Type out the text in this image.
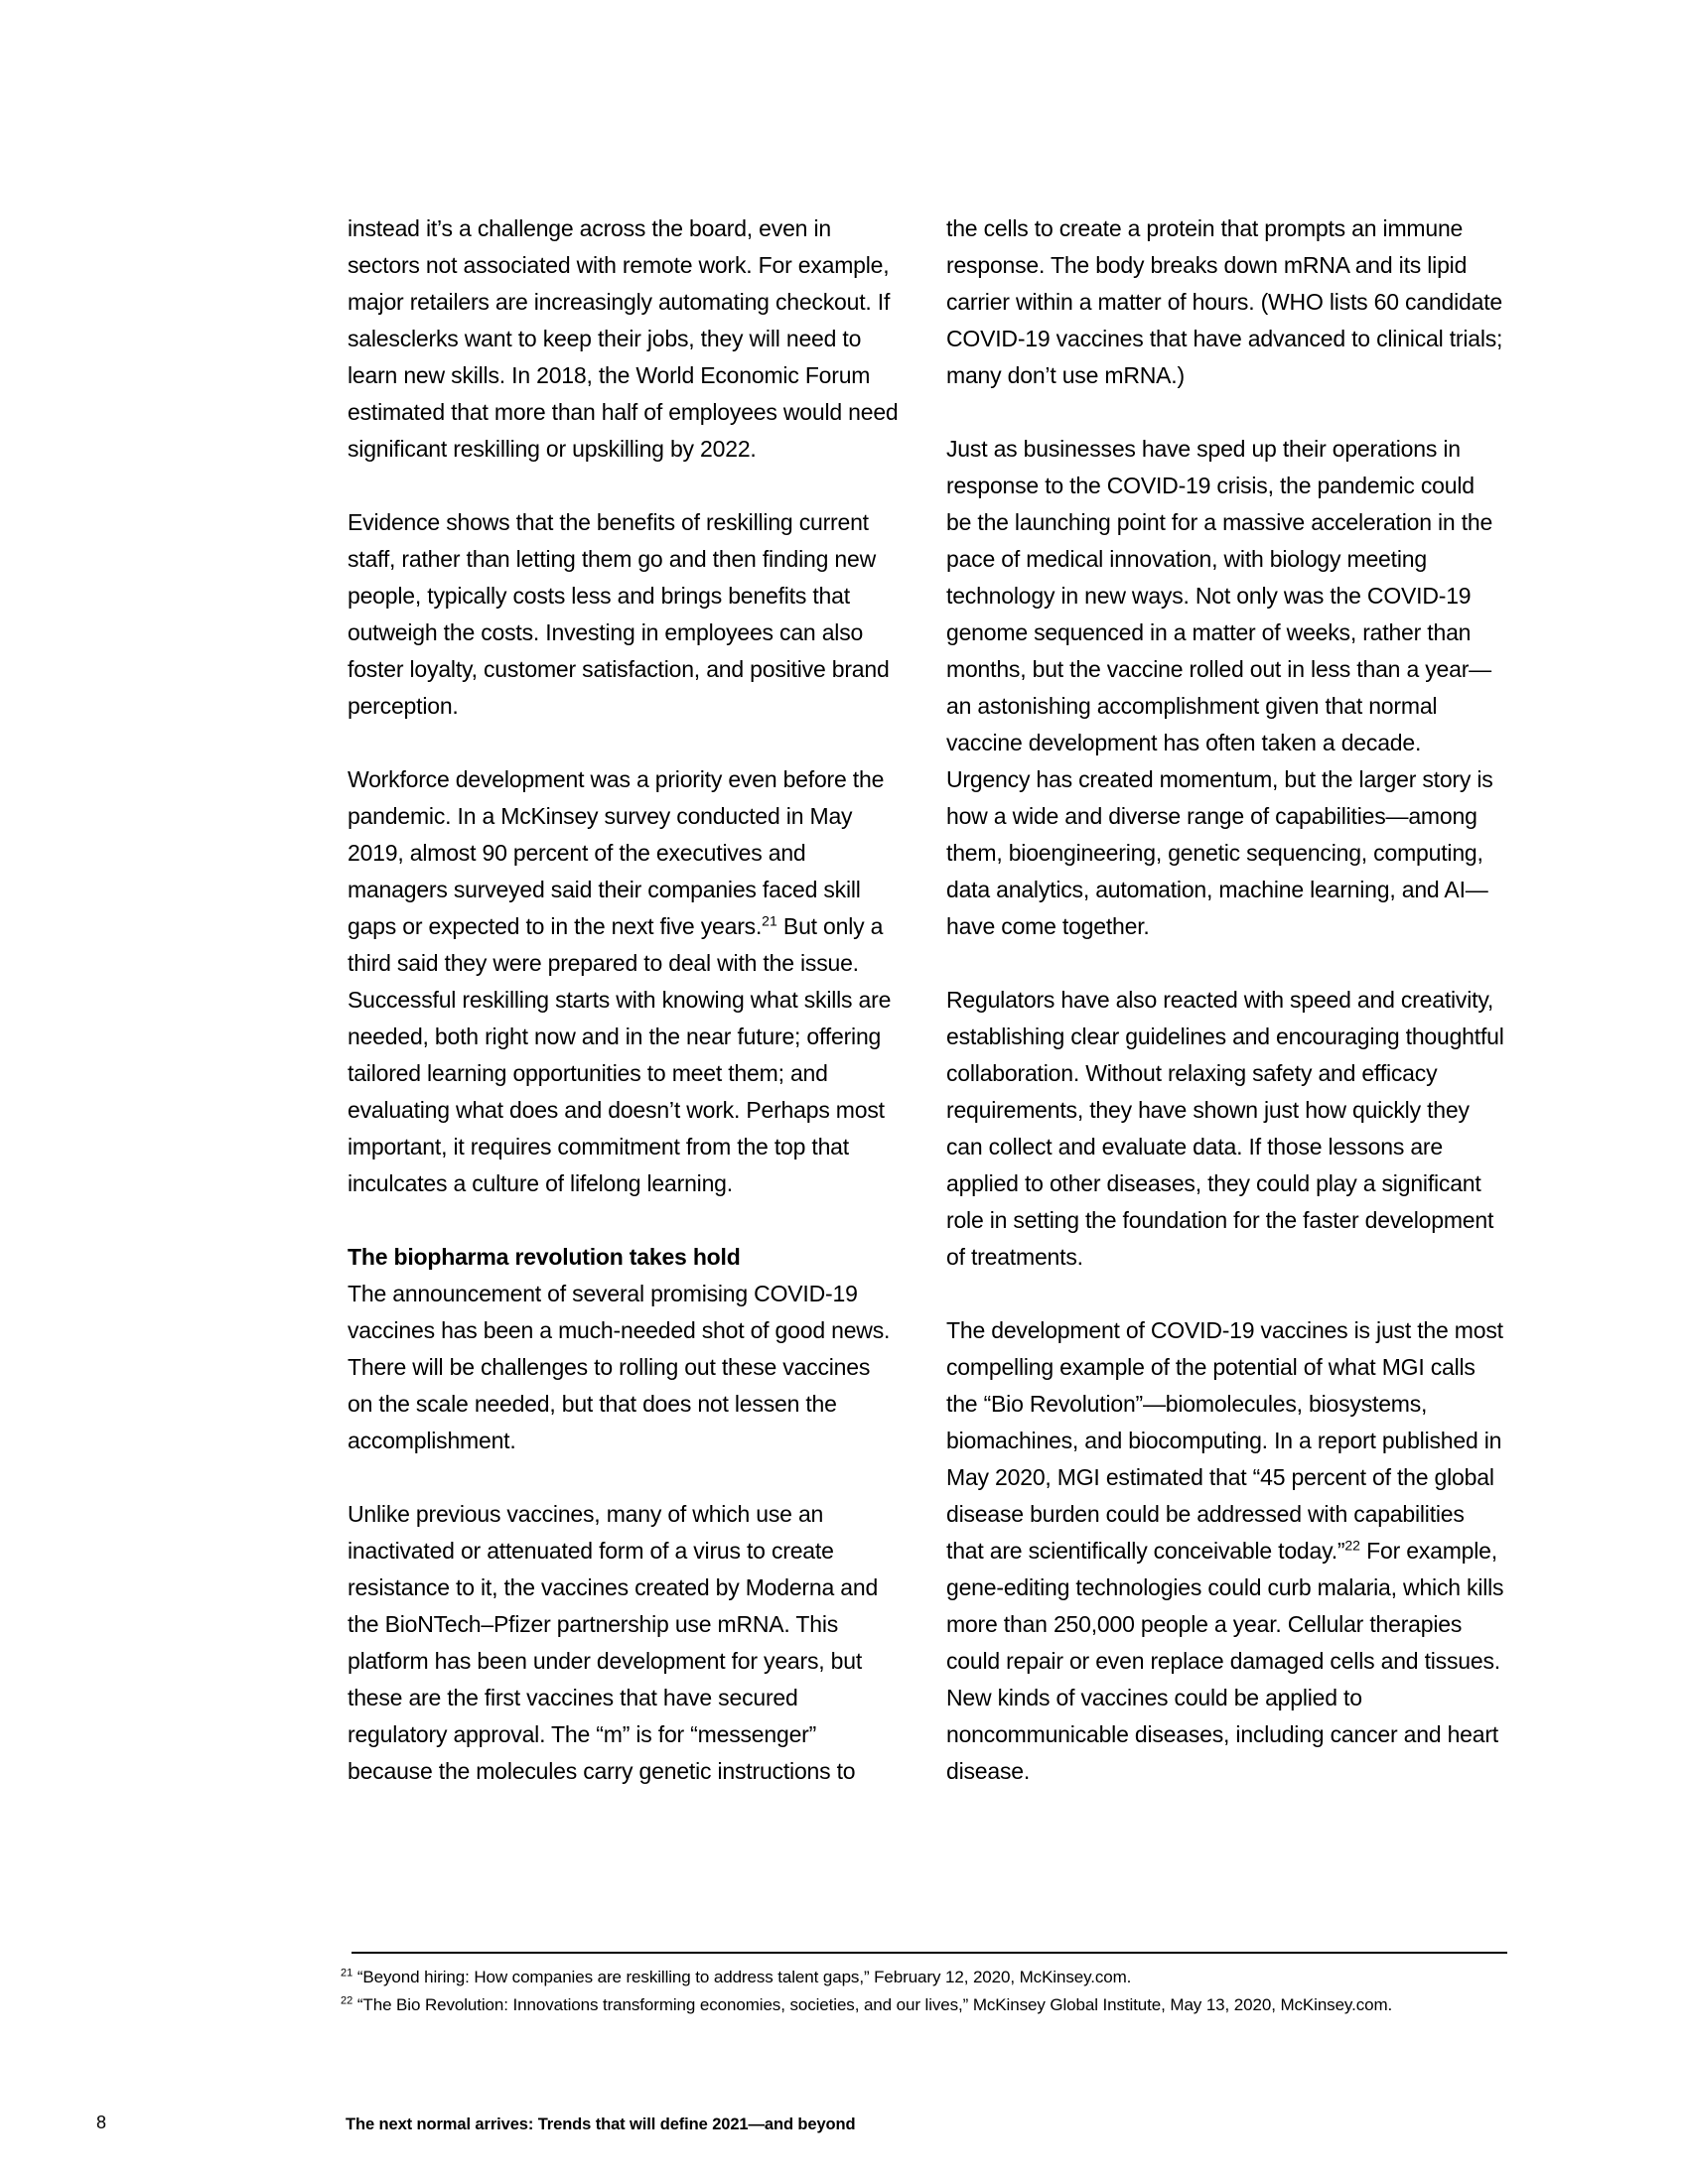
instead it’s a challenge across the board, even in sectors not associated with remote work. For example, major retailers are increasingly automating checkout. If salesclerks want to keep their jobs, they will need to learn new skills. In 2018, the World Economic Forum estimated that more than half of employees would need significant reskilling or upskilling by 2022.

Evidence shows that the benefits of reskilling current staff, rather than letting them go and then finding new people, typically costs less and brings benefits that outweigh the costs. Investing in employees can also foster loyalty, customer satisfaction, and positive brand perception.

Workforce development was a priority even before the pandemic. In a McKinsey survey conducted in May 2019, almost 90 percent of the executives and managers surveyed said their companies faced skill gaps or expected to in the next five years.$^{21}$ But only a third said they were prepared to deal with the issue. Successful reskilling starts with knowing what skills are needed, both right now and in the near future; offering tailored learning opportunities to meet them; and evaluating what does and doesn’t work. Perhaps most important, it requires commitment from the top that inculcates a culture of lifelong learning.

The biopharma revolution takes hold

The announcement of several promising COVID-19 vaccines has been a much-needed shot of good news. There will be challenges to rolling out these vaccines on the scale needed, but that does not lessen the accomplishment.

Unlike previous vaccines, many of which use an inactivated or attenuated form of a virus to create resistance to it, the vaccines created by Moderna and the BioNTech–Pfizer partnership use mRNA. This platform has been under development for years, but these are the first vaccines that have secured regulatory approval. The “m” is for “messenger” because the molecules carry genetic instructions to

the cells to create a protein that prompts an immune response. The body breaks down mRNA and its lipid carrier within a matter of hours. (WHO lists 60 candidate COVID-19 vaccines that have advanced to clinical trials; many don’t use mRNA.)

Just as businesses have sped up their operations in response to the COVID-19 crisis, the pandemic could be the launching point for a massive acceleration in the pace of medical innovation, with biology meeting technology in new ways. Not only was the COVID-19 genome sequenced in a matter of weeks, rather than months, but the vaccine rolled out in less than a year—an astonishing accomplishment given that normal vaccine development has often taken a decade. Urgency has created momentum, but the larger story is how a wide and diverse range of capabilities—among them, bioengineering, genetic sequencing, computing, data analytics, automation, machine learning, and AI—have come together.

Regulators have also reacted with speed and creativity, establishing clear guidelines and encouraging thoughtful collaboration. Without relaxing safety and efficacy requirements, they have shown just how quickly they can collect and evaluate data. If those lessons are applied to other diseases, they could play a significant role in setting the foundation for the faster development of treatments.

The development of COVID-19 vaccines is just the most compelling example of the potential of what MGI calls the “Bio Revolution”—biomolecules, biosystems, biomachines, and biocomputing. In a report published in May 2020, MGI estimated that “45 percent of the global disease burden could be addressed with capabilities that are scientifically conceivable today.”$^{22}$ For example, gene-editing technologies could curb malaria, which kills more than 250,000 people a year. Cellular therapies could repair or even replace damaged cells and tissues. New kinds of vaccines could be applied to noncommunicable diseases, including cancer and heart disease.

$^{21}$ “Beyond hiring: How companies are reskilling to address talent gaps,” February 12, 2020, McKinsey.com.
$^{22}$ “The Bio Revolution: Innovations transforming economies, societies, and our lives,” McKinsey Global Institute, May 13, 2020, McKinsey.com.
8	The next normal arrives: Trends that will define 2021—and beyond
